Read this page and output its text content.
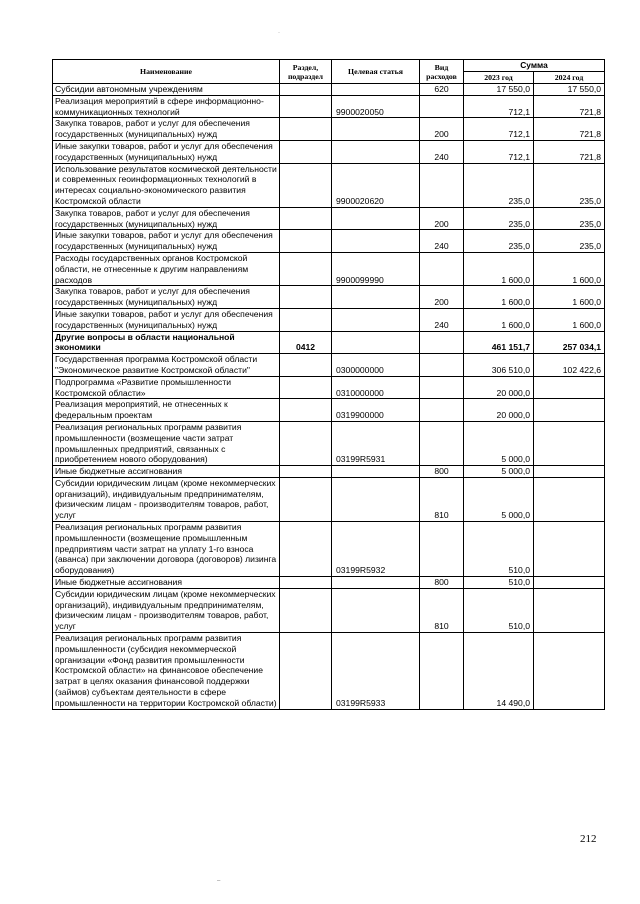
Наименование	Раздел, подраздел	Целевая статья	Вид расходов	Сумма	
				2023 год	2024 год
Субсидии автономным учреждениям			620	17 550,0	17 550,0
Реализация мероприятий в сфере информационно-коммуникационных технологий		9900020050		712,1	721,8
Закупка товаров, работ и услуг для обеспечения государственных (муниципальных) нужд			200	712,1	721,8
Иные закупки товаров, работ и услуг для обеспечения государственных (муниципальных) нужд			240	712,1	721,8
Использование результатов космической деятельности и современных геоинформационных технологий в интересах социально-экономического развития Костромской области		9900020620		235,0	235,0
Закупка товаров, работ и услуг для обеспечения государственных (муниципальных) нужд			200	235,0	235,0
Иные закупки товаров, работ и услуг для обеспечения государственных (муниципальных) нужд			240	235,0	235,0
Расходы государственных органов Костромской области, не отнесенные к другим направлениям расходов		9900099990		1 600,0	1 600,0
Закупка товаров, работ и услуг для обеспечения государственных (муниципальных) нужд			200	1 600,0	1 600,0
Иные закупки товаров, работ и услуг для обеспечения государственных (муниципальных) нужд			240	1 600,0	1 600,0
Другие вопросы в области национальной экономики	0412			461 151,7	257 034,1
Государственная программа Костромской области "Экономическое развитие Костромской области"		0300000000		306 510,0	102 422,6
Подпрограмма «Развитие промышленности Костромской области»		0310000000		20 000,0	
Реализация мероприятий, не отнесенных к федеральным проектам		0319900000		20 000,0	
Реализация региональных программ развития промышленности (возмещение части затрат промышленных предприятий, связанных с приобретением нового оборудования)		03199R5931		5 000,0	
Иные бюджетные ассигнования			800	5 000,0	
Субсидии юридическим лицам (кроме некоммерческих организаций), индивидуальным предпринимателям, физическим лицам - производителям товаров, работ, услуг			810	5 000,0	
Реализация региональных программ развития промышленности (возмещение промышленным предприятиям части затрат на уплату 1-го взноса (аванса) при заключении договора (договоров) лизинга оборудования)		03199R5932		510,0	
Иные бюджетные ассигнования			800	510,0	
Субсидии юридическим лицам (кроме некоммерческих организаций), индивидуальным предпринимателям, физическим лицам - производителям товаров, работ, услуг			810	510,0	
Реализация региональных программ развития промышленности (субсидия некоммерческой организации «Фонд развития промышленности Костромской области» на финансовое обеспечение затрат в целях оказания финансовой поддержки (займов) субъектам деятельности в сфере промышленности на территории Костромской области)		03199R5933		14 490,0	
212
·
–
